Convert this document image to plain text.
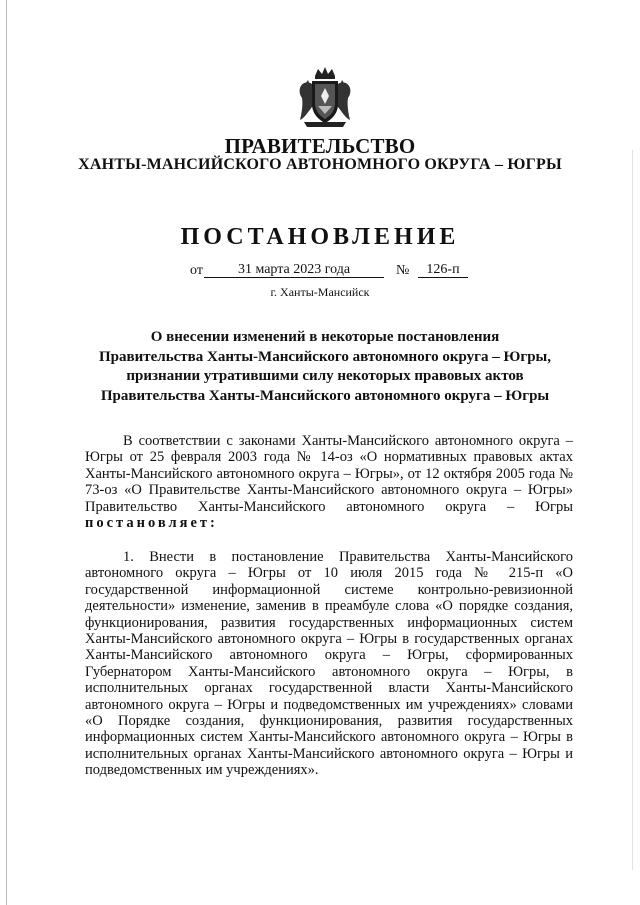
ПРАВИТЕЛЬСТВО
ХАНТЫ-МАНСИЙСКОГО АВТОНОМНОГО ОКРУГА – ЮГРЫ
ПОСТАНОВЛЕНИЕ
от	31 марта 2023 года	№	126-п
г. Ханты-Мансийск
О внесении изменений в некоторые постановления
Правительства Ханты-Мансийского автономного округа – Югры,
признании утратившими силу некоторых правовых актов
Правительства Ханты-Мансийского автономного округа – Югры
В соответствии с законами Ханты-Мансийского автономного округа – Югры от 25 февраля 2003 года № 14-оз «О нормативных правовых актах Ханты-Мансийского автономного округа – Югры», от 12 октября 2005 года № 73-оз «О Правительстве Ханты-Мансийского автономного округа – Югры» Правительство Ханты-Мансийского автономного округа – Югры постановляет:
1. Внести в постановление Правительства Ханты-Мансийского автономного округа – Югры от 10 июля 2015 года № 215-п «О государственной информационной системе контрольно-ревизионной деятельности» изменение, заменив в преамбуле слова «О порядке создания, функционирования, развития государственных информационных систем Ханты-Мансийского автономного округа – Югры в государственных органах Ханты-Мансийского автономного округа – Югры, сформированных Губернатором Ханты-Мансийского автономного округа – Югры, в исполнительных органах государственной власти Ханты-Мансийского автономного округа – Югры и подведомственных им учреждениях» словами «О Порядке создания, функционирования, развития государственных информационных систем Ханты-Мансийского автономного округа – Югры в исполнительных органах Ханты-Мансийского автономного округа – Югры и подведомственных им учреждениях».
